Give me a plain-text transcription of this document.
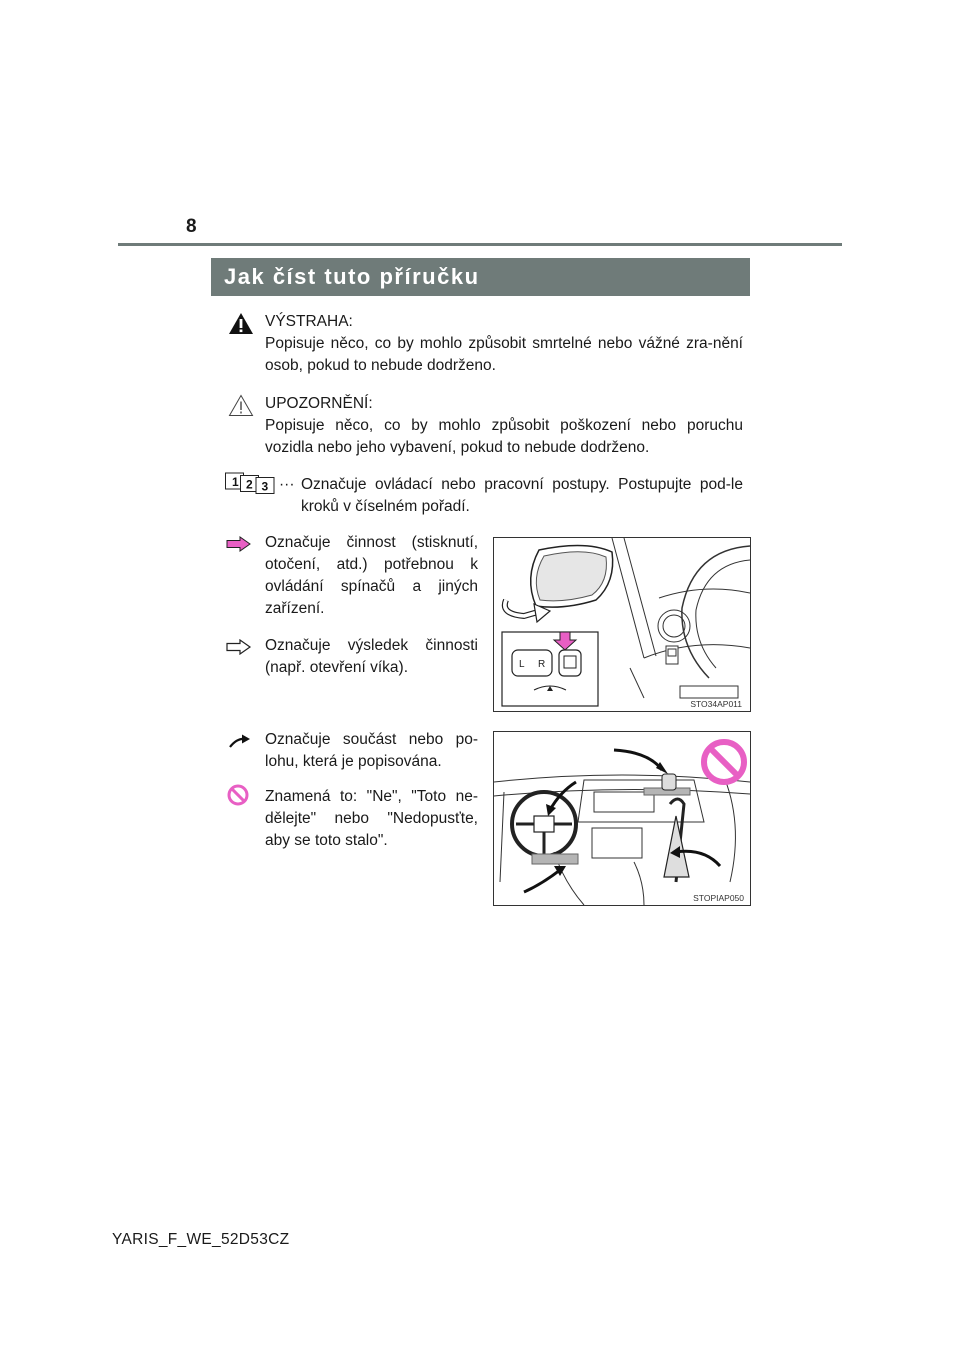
8
Jak číst tuto příručku
VÝSTRAHA:
Popisuje něco, co by mohlo způsobit smrtelné nebo vážné zra-nění osob, pokud to nebude dodrženo.
UPOZORNĚNÍ:
Popisuje něco, co by mohlo způsobit poškození nebo poruchu vozidla nebo jeho vybavení, pokud to nebude dodrženo.
1 2 3 ··· Označuje ovládací nebo pracovní postupy. Postupujte pod-le kroků v číselném pořadí.
Označuje činnost (stisknutí, otočení, atd.) potřebnou k ovládání spínačů a jiných zařízení.
Označuje výsledek činnosti (např. otevření víka).
Označuje součást nebo po-lohu, která je popisována.
Znamená to: "Ne", "Toto ne-dělejte" nebo "Nedopusťte, aby se toto stalo".
L R
STO34AP011
STOPIAP050
YARIS_F_WE_52D53CZ
